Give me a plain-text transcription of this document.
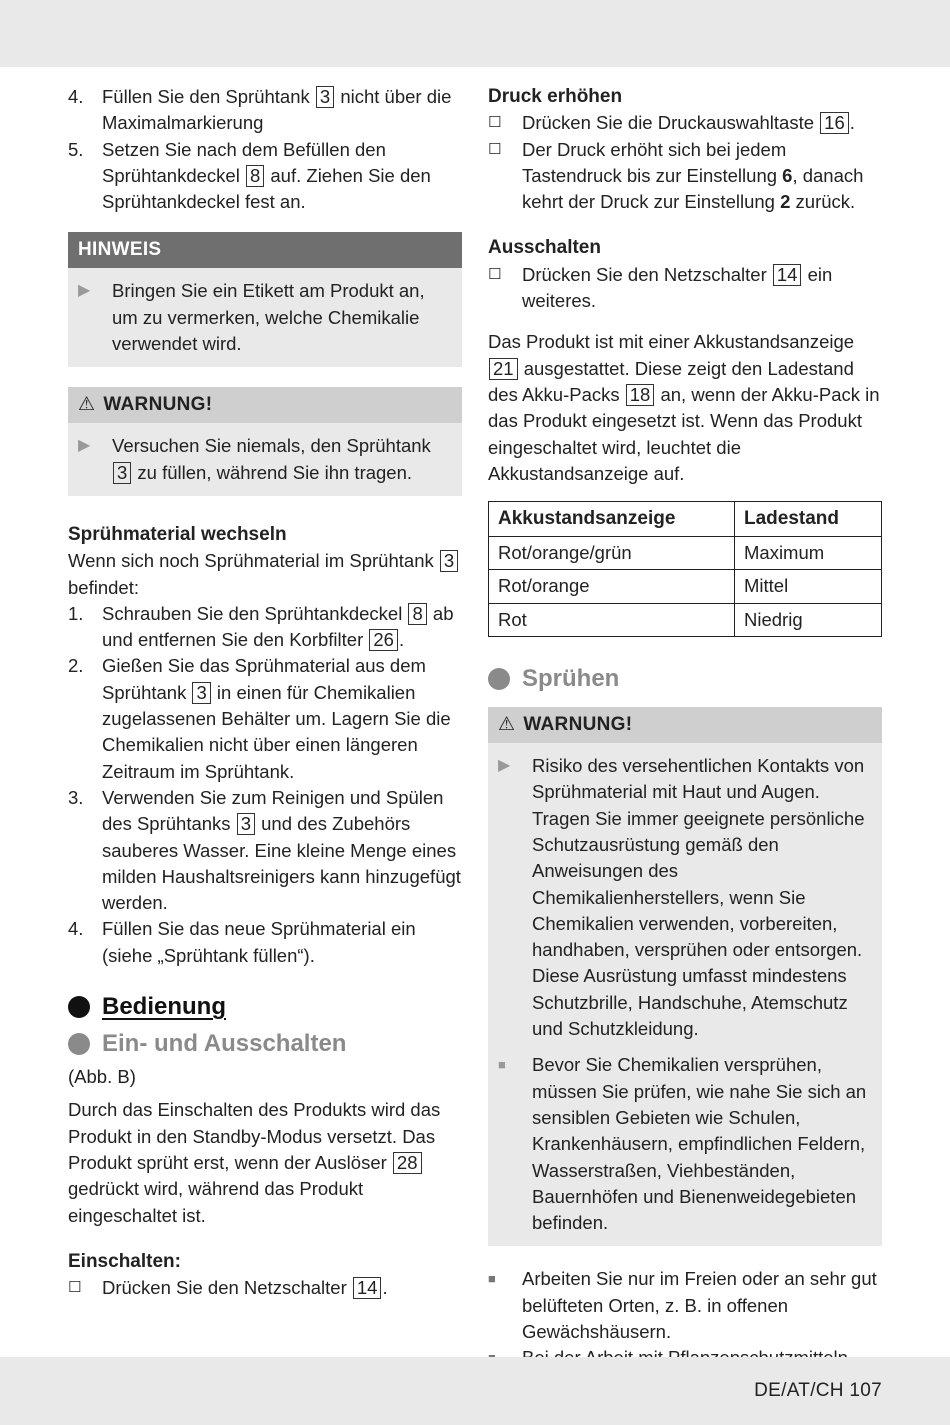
4.	Füllen Sie den Sprühtank 3 nicht über die Maximalmarkierung
5.	Setzen Sie nach dem Befüllen den Sprühtankdeckel 8 auf. Ziehen Sie den Sprühtankdeckel fest an.
HINWEIS
▶	Bringen Sie ein Etikett am Produkt an, um zu vermerken, welche Chemikalie verwendet wird.
⚠ WARNUNG!
▶	Versuchen Sie niemals, den Sprühtank 3 zu füllen, während Sie ihn tragen.
Sprühmaterial wechseln

Wenn sich noch Sprühmaterial im Sprühtank 3 befindet:

1.	Schrauben Sie den Sprühtankdeckel 8 ab und entfernen Sie den Korbfilter 26 .
2.	Gießen Sie das Sprühmaterial aus dem Sprühtank 3 in einen für Chemikalien zugelassenen Behälter um. Lagern Sie die Chemikalien nicht über einen längeren Zeitraum im Sprühtank.
3.	Verwenden Sie zum Reinigen und Spülen des Sprühtanks 3 und des Zubehörs sauberes Wasser. Eine kleine Menge eines milden Haushaltsreinigers kann hinzugefügt werden.
4.	Füllen Sie das neue Sprühmaterial ein (siehe „Sprühtank füllen“).
Bedienung
Ein- und Ausschalten

(Abb. B)

Durch das Einschalten des Produkts wird das Produkt in den Standby-Modus versetzt. Das Produkt sprüht erst, wenn der Auslöser 28 gedrückt wird, während das Produkt eingeschaltet ist.

Einschalten:
☐	Drücken Sie den Netzschalter 14 .
Druck erhöhen
☐	Drücken Sie die Druckauswahltaste 16 .
☐	Der Druck erhöht sich bei jedem Tastendruck bis zur Einstellung 6, danach kehrt der Druck zur Einstellung 2 zurück.
Ausschalten
☐	Drücken Sie den Netzschalter 14 ein weiteres.

Das Produkt ist mit einer Akkustandsanzeige 21 ausgestattet. Diese zeigt den Ladestand des Akku-Packs 18 an, wenn der Akku-Pack in das Produkt eingesetzt ist. Wenn das Produkt eingeschaltet wird, leuchtet die Akkustandsanzeige auf.

Akkustandsanzeige	Ladestand
Rot/orange/grün	Maximum
Rot/orange	Mittel
Rot	Niedrig
Sprühen
⚠ WARNUNG!
▶	Risiko des versehentlichen Kontakts von Sprühmaterial mit Haut und Augen. Tragen Sie immer geeignete persönliche Schutzausrüstung gemäß den Anweisungen des Chemikalienherstellers, wenn Sie Chemikalien verwenden, vorbereiten, handhaben, versprühen oder entsorgen. Diese Ausrüstung umfasst mindestens Schutzbrille, Handschuhe, Atemschutz und Schutzkleidung.
■	Bevor Sie Chemikalien versprühen, müssen Sie prüfen, wie nahe Sie sich an sensiblen Gebieten wie Schulen, Krankenhäusern, empfindlichen Feldern, Wasserstraßen, Viehbeständen, Bauernhöfen und Bienenweidegebieten befinden.
■	Arbeiten Sie nur im Freien oder an sehr gut belüfteten Orten, z. B. in offenen Gewächshäusern.
DE/AT/CH 107
